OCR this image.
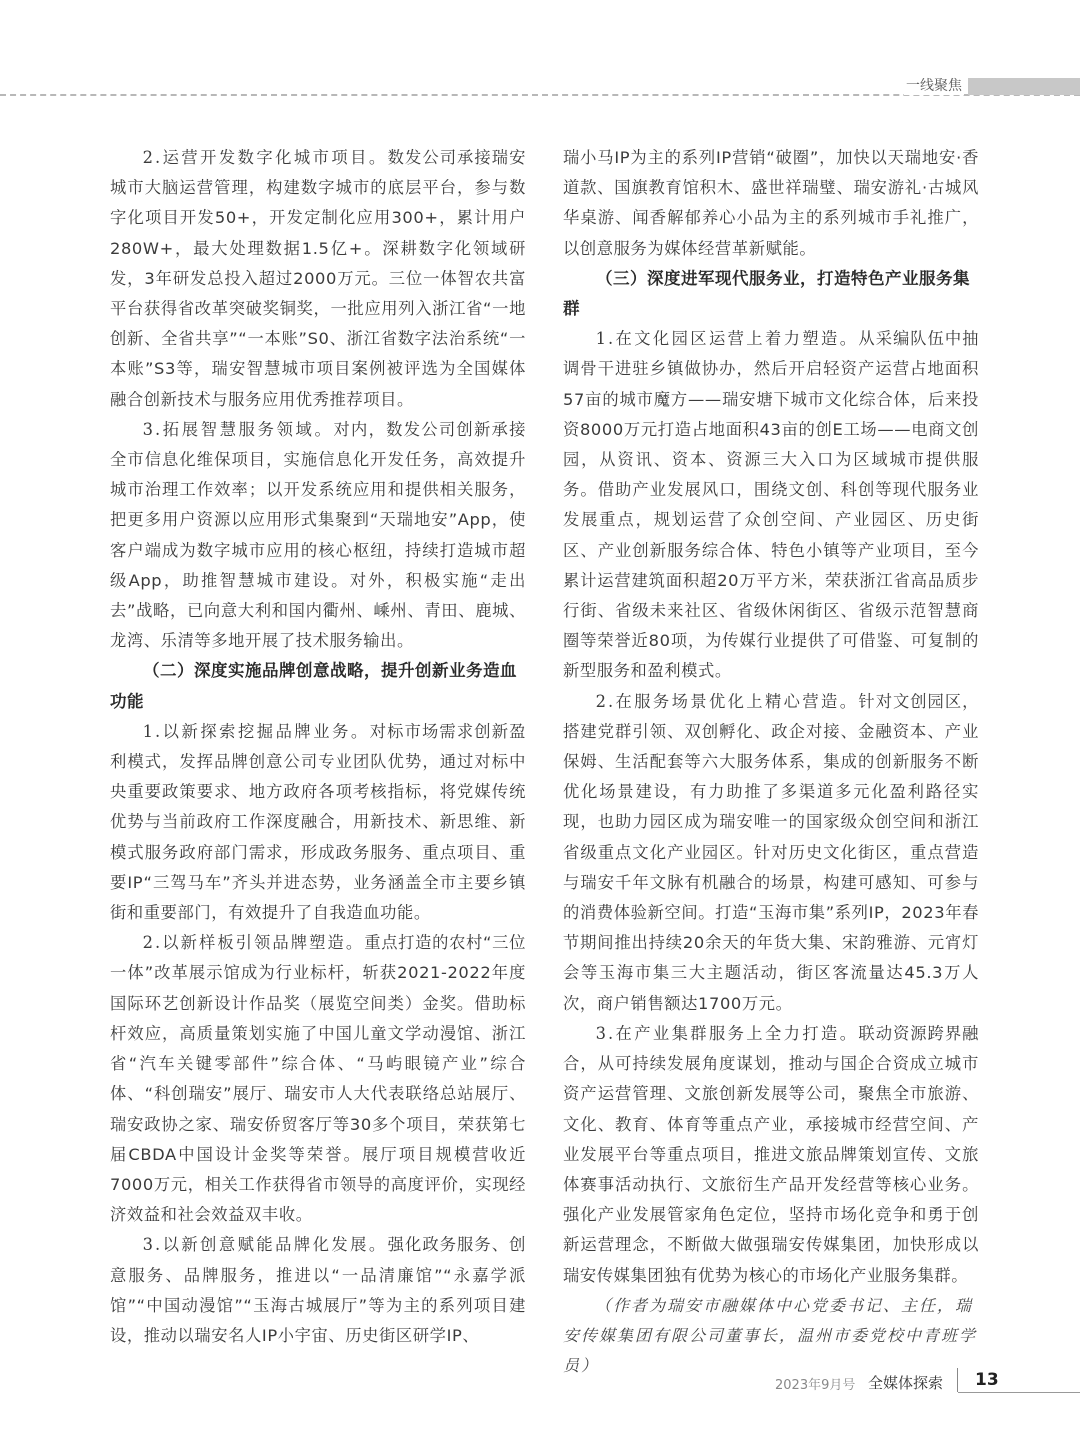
一线聚焦

2.运营开发数字化城市项目。数发公司承接瑞安城市大脑运营管理，构建数字城市的底层平台，参与数字化项目开发50+，开发定制化应用300+，累计用户280W+，最大处理数据1.5亿+。深耕数字化领域研发，3年研发总投入超过2000万元。三位一体智农共富平台获得省改革突破奖铜奖，一批应用列入浙江省“一地创新、全省共享”“一本账”S0、浙江省数字法治系统“一本账”S3等，瑞安智慧城市项目案例被评选为全国媒体融合创新技术与服务应用优秀推荐项目。

3.拓展智慧服务领域。对内，数发公司创新承接全市信息化维保项目，实施信息化开发任务，高效提升城市治理工作效率；以开发系统应用和提供相关服务，把更多用户资源以应用形式集聚到“天瑞地安”App，使客户端成为数字城市应用的核心枢纽，持续打造城市超级App，助推智慧城市建设。对外，积极实施“走出去”战略，已向意大利和国内衢州、嵊州、青田、鹿城、龙湾、乐清等多地开展了技术服务输出。

（二）深度实施品牌创意战略，提升创新业务造血功能

1.以新探索挖掘品牌业务。对标市场需求创新盈利模式，发挥品牌创意公司专业团队优势，通过对标中央重要政策要求、地方政府各项考核指标，将党媒传统优势与当前政府工作深度融合，用新技术、新思维、新模式服务政府部门需求，形成政务服务、重点项目、重要IP“三驾马车”齐头并进态势，业务涵盖全市主要乡镇街和重要部门，有效提升了自我造血功能。

2.以新样板引领品牌塑造。重点打造的农村“三位一体”改革展示馆成为行业标杆，斩获2021-2022年度国际环艺创新设计作品奖（展览空间类）金奖。借助标杆效应，高质量策划实施了中国儿童文学动漫馆、浙江省“汽车关键零部件”综合体、“马屿眼镜产业”综合体、“科创瑞安”展厅、瑞安市人大代表联络总站展厅、瑞安政协之家、瑞安侨贸客厅等30多个项目，荣获第七届CBDA中国设计金奖等荣誉。展厅项目规模营收近7000万元，相关工作获得省市领导的高度评价，实现经济效益和社会效益双丰收。

3.以新创意赋能品牌化发展。强化政务服务、创意服务、品牌服务，推进以“一品清廉馆”“永嘉学派馆”“中国动漫馆”“玉海古城展厅”等为主的系列项目建设，推动以瑞安名人IP小宇宙、历史街区研学IP、

瑞小马IP为主的系列IP营销“破圈”，加快以天瑞地安·香道款、国旗教育馆积木、盛世祥瑞璧、瑞安游礼·古城风华桌游、闻香解郁养心小品为主的系列城市手礼推广，以创意服务为媒体经营革新赋能。

（三）深度进军现代服务业，打造特色产业服务集群

1.在文化园区运营上着力塑造。从采编队伍中抽调骨干进驻乡镇做协办，然后开启轻资产运营占地面积57亩的城市魔方——瑞安塘下城市文化综合体，后来投资8000万元打造占地面积43亩的创E工场——电商文创园，从资讯、资本、资源三大入口为区域城市提供服务。借助产业发展风口，围绕文创、科创等现代服务业发展重点，规划运营了众创空间、产业园区、历史街区、产业创新服务综合体、特色小镇等产业项目，至今累计运营建筑面积超20万平方米，荣获浙江省高品质步行街、省级未来社区、省级休闲街区、省级示范智慧商圈等荣誉近80项，为传媒行业提供了可借鉴、可复制的新型服务和盈利模式。

2.在服务场景优化上精心营造。针对文创园区，搭建党群引领、双创孵化、政企对接、金融资本、产业保姆、生活配套等六大服务体系，集成的创新服务不断优化场景建设，有力助推了多渠道多元化盈利路径实现，也助力园区成为瑞安唯一的国家级众创空间和浙江省级重点文化产业园区。针对历史文化街区，重点营造与瑞安千年文脉有机融合的场景，构建可感知、可参与的消费体验新空间。打造“玉海市集”系列IP，2023年春节期间推出持续20余天的年货大集、宋韵雅游、元宵灯会等玉海市集三大主题活动，街区客流量达45.3万人次，商户销售额达1700万元。

3.在产业集群服务上全力打造。联动资源跨界融合，从可持续发展角度谋划，推动与国企合资成立城市资产运营管理、文旅创新发展等公司，聚焦全市旅游、文化、教育、体育等重点产业，承接城市经营空间、产业发展平台等重点项目，推进文旅品牌策划宣传、文旅体赛事活动执行、文旅衍生产品开发经营等核心业务。强化产业发展管家角色定位，坚持市场化竞争和勇于创新运营理念，不断做大做强瑞安传媒集团，加快形成以瑞安传媒集团独有优势为核心的市场化产业服务集群。

（作者为瑞安市融媒体中心党委书记、主任，瑞安传媒集团有限公司董事长，温州市委党校中青班学员）

2023年9月号 全媒体探索 13
